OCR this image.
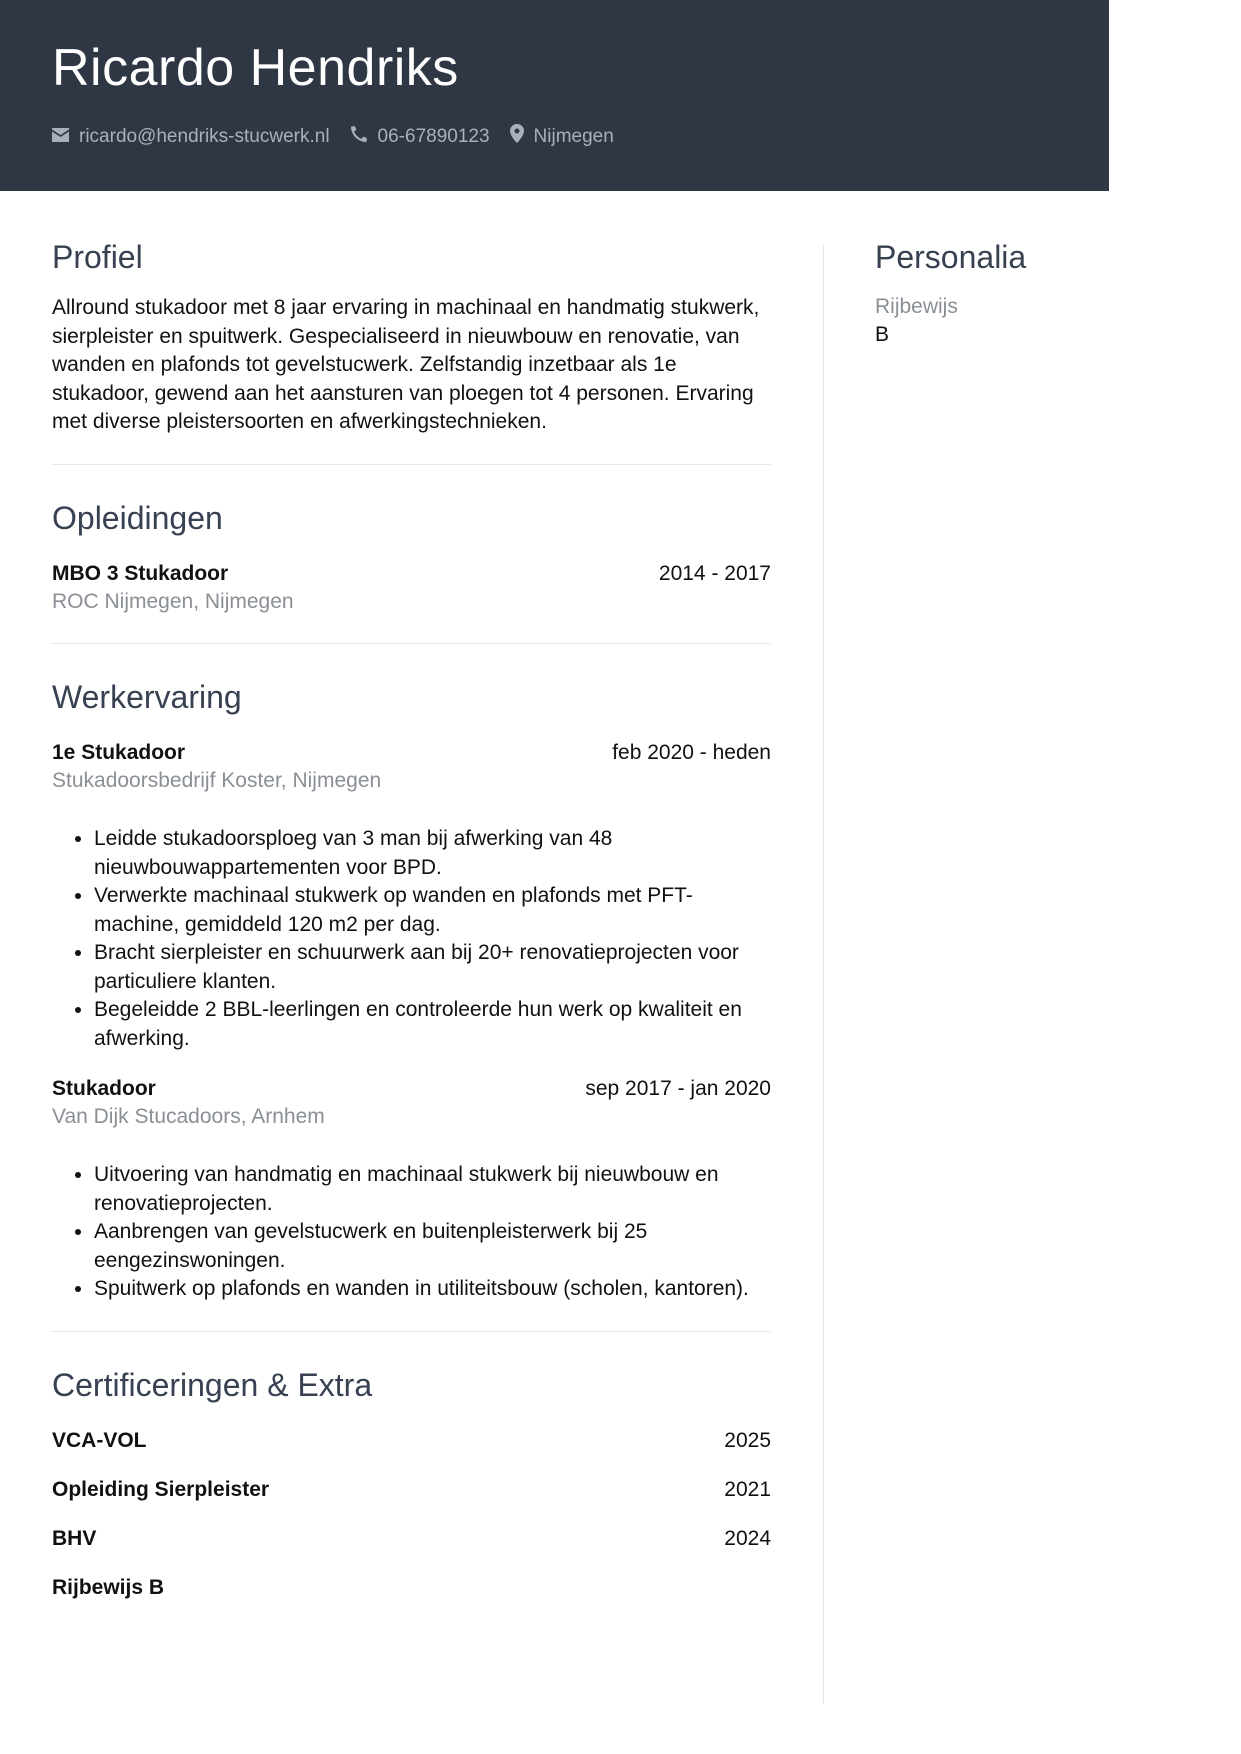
Ricardo Hendriks
ricardo@hendriks-stucwerk.nl	06-67890123 Nijmegen
Profiel
Allround stukadoor met 8 jaar ervaring in machinaal en handmatig stukwerk, sierpleister en spuitwerk. Gespecialiseerd in nieuwbouw en renovatie, van wanden en plafonds tot gevelstucwerk. Zelfstandig inzetbaar als 1e stukadoor, gewend aan het aansturen van ploegen tot 4 personen. Ervaring met diverse pleistersoorten en afwerkingstechnieken.
Opleidingen
MBO 3 Stukadoor	2014 - 2017
ROC Nijmegen, Nijmegen
Werkervaring
1e Stukadoor	feb 2020 - heden
Stukadoorsbedrijf Koster, Nijmegen
• Leidde stukadoorsploeg van 3 man bij afwerking van 48 nieuwbouwappartementen voor BPD.
• Verwerkte machinaal stukwerk op wanden en plafonds met PFT-machine, gemiddeld 120 m2 per dag.
• Bracht sierpleister en schuurwerk aan bij 20+ renovatieprojecten voor particuliere klanten.
• Begeleidde 2 BBL-leerlingen en controleerde hun werk op kwaliteit en afwerking.
Stukadoor	sep 2017 - jan 2020
Van Dijk Stucadoors, Arnhem
• Uitvoering van handmatig en machinaal stukwerk bij nieuwbouw en renovatieprojecten.
• Aanbrengen van gevelstucwerk en buitenpleisterwerk bij 25 eengezinswoningen.
• Spuitwerk op plafonds en wanden in utiliteitsbouw (scholen, kantoren).
Certificeringen & Extra
VCA-VOL	2025
Opleiding Sierpleister	2021
BHV	2024
Rijbewijs B
Personalia
Rijbewijs
B
